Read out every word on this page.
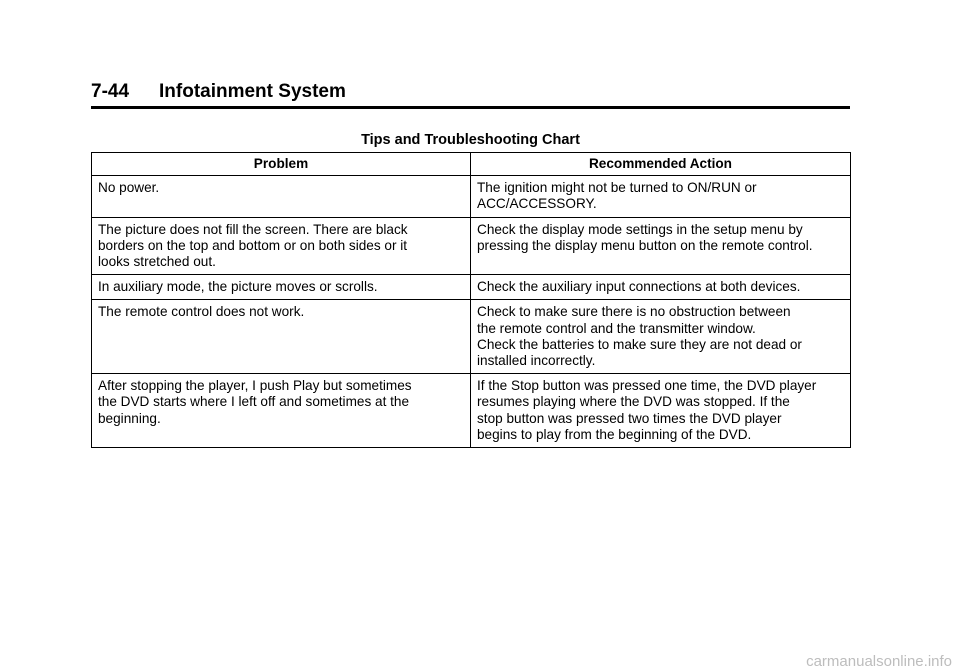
7-44 Infotainment System
Tips and Troubleshooting Chart
Problem	Recommended Action

No power.	The ignition might not be turned to ON/RUN or
ACC/ACCESSORY.

The picture does not fill the screen. There are black
borders on the top and bottom or on both sides or it
looks stretched out.	Check the display mode settings in the setup menu by
pressing the display menu button on the remote control.

In auxiliary mode, the picture moves or scrolls.	Check the auxiliary input connections at both devices.

The remote control does not work.	Check to make sure there is no obstruction between
the remote control and the transmitter window.
Check the batteries to make sure they are not dead or
installed incorrectly.

After stopping the player, I push Play but sometimes
the DVD starts where I left off and sometimes at the
beginning.	If the Stop button was pressed one time, the DVD player
resumes playing where the DVD was stopped. If the
stop button was pressed two times the DVD player
begins to play from the beginning of the DVD.
carmanualsonline.info
